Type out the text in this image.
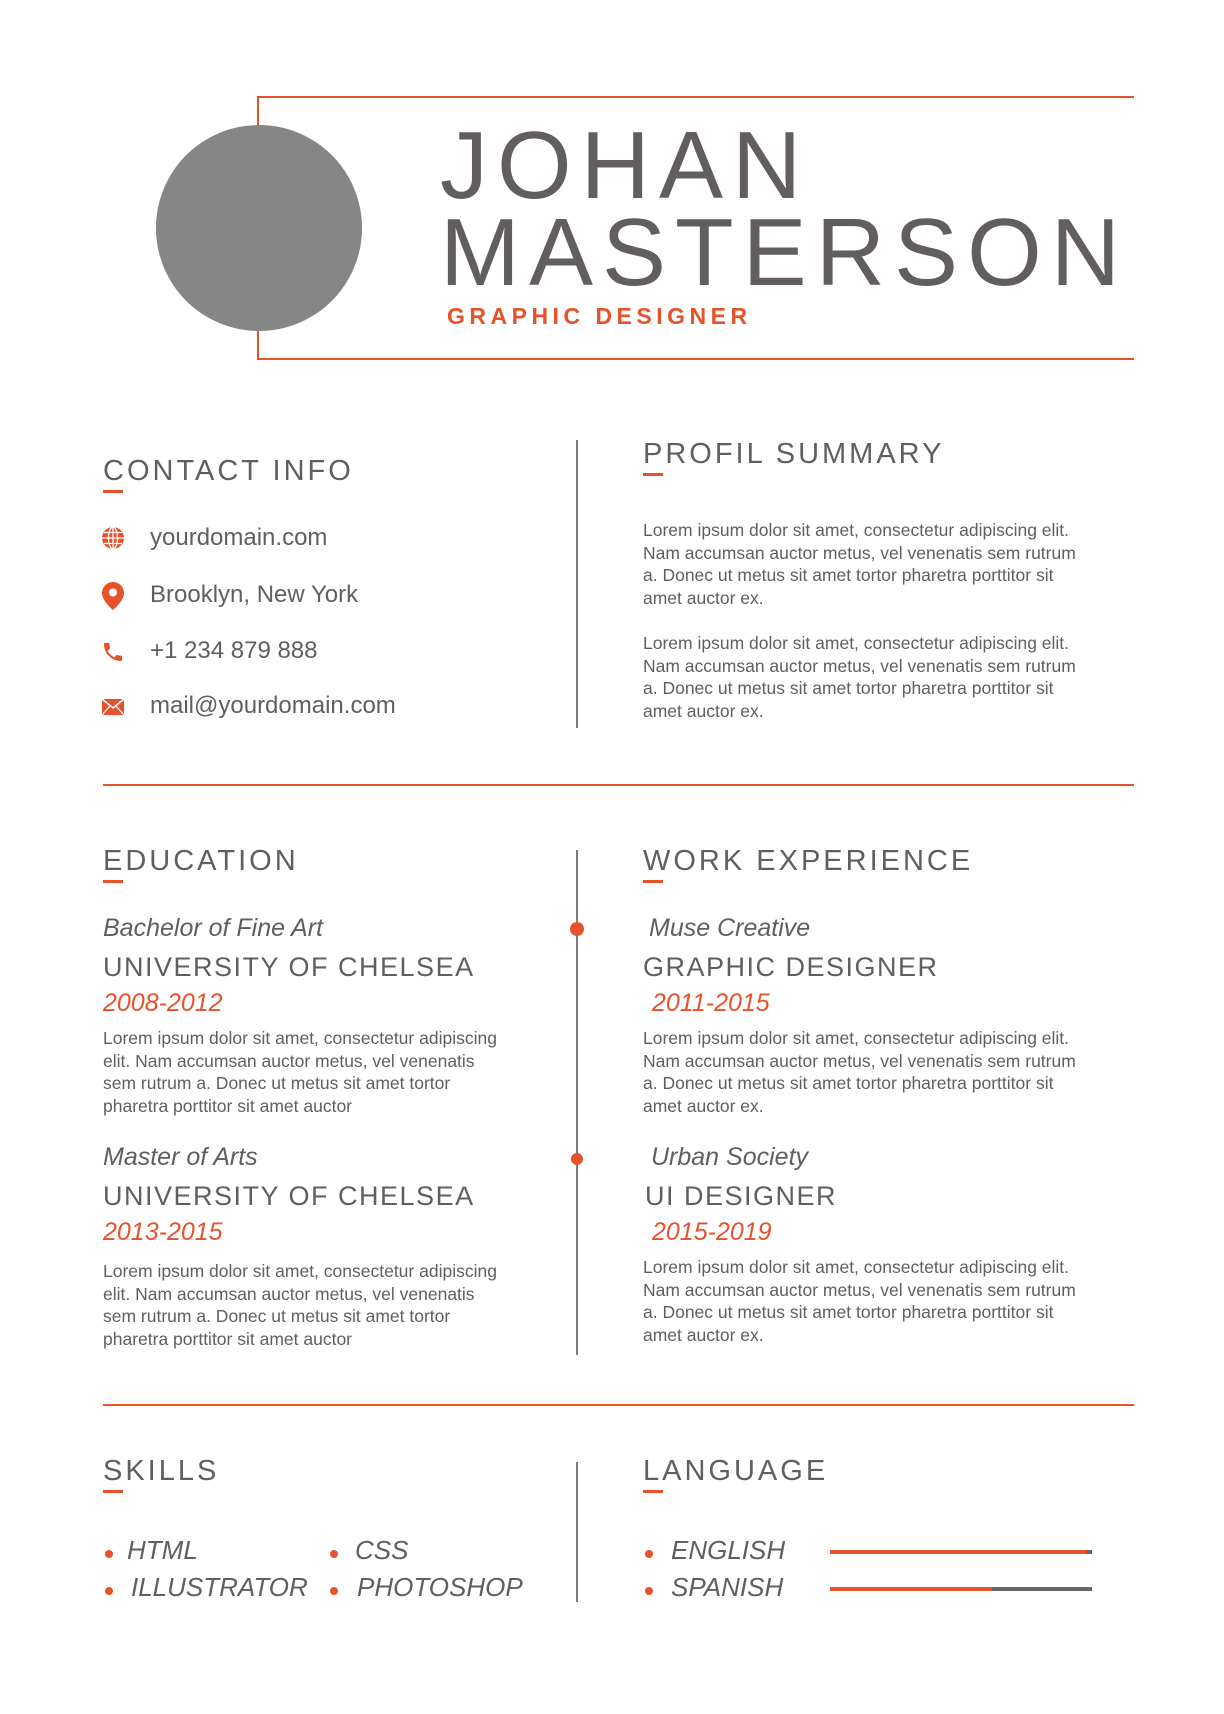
JOHAN
MASTERSON
GRAPHIC DESIGNER
CONTACT INFO
yourdomain.com
Brooklyn, New York
+1 234 879 888
mail@yourdomain.com
PROFIL SUMMARY
Lorem ipsum dolor sit amet, consectetur adipiscing elit. Nam accumsan auctor metus, vel venenatis sem rutrum a. Donec ut metus sit amet tortor pharetra porttitor sit amet auctor ex.
Lorem ipsum dolor sit amet, consectetur adipiscing elit. Nam accumsan auctor metus, vel venenatis sem rutrum a. Donec ut metus sit amet tortor pharetra porttitor sit amet auctor ex.
EDUCATION
Bachelor of Fine Art
UNIVERSITY OF CHELSEA
2008-2012
Lorem ipsum dolor sit amet, consectetur adipiscing elit. Nam accumsan auctor metus, vel venenatis sem rutrum a. Donec ut metus sit amet tortor pharetra porttitor sit amet auctor
Master of Arts
UNIVERSITY OF CHELSEA
2013-2015
Lorem ipsum dolor sit amet, consectetur adipiscing elit. Nam accumsan auctor metus, vel venenatis sem rutrum a. Donec ut metus sit amet tortor pharetra porttitor sit amet auctor
WORK EXPERIENCE
Muse Creative
GRAPHIC DESIGNER
2011-2015
Lorem ipsum dolor sit amet, consectetur adipiscing elit. Nam accumsan auctor metus, vel venenatis sem rutrum a. Donec ut metus sit amet tortor pharetra porttitor sit amet auctor ex.
Urban Society
UI DESIGNER
2015-2019
Lorem ipsum dolor sit amet, consectetur adipiscing elit. Nam accumsan auctor metus, vel venenatis sem rutrum a. Donec ut metus sit amet tortor pharetra porttitor sit amet auctor ex.
SKILLS
HTML	CSS
ILLUSTRATOR PHOTOSHOP
LANGUAGE
ENGLISH
SPANISH
